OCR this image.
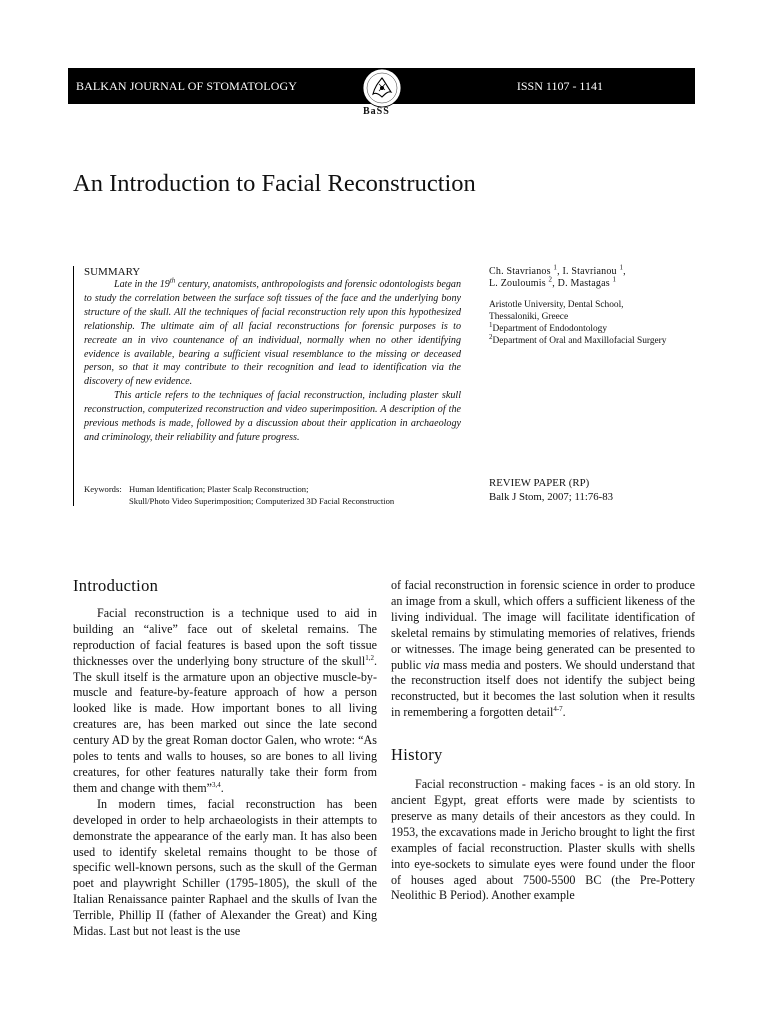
BALKAN JOURNAL OF STOMATOLOGY	ISSN 1107 - 1141
BaSS
An Introduction to Facial Reconstruction
SUMMARY

Late in the 19th century, anatomists, anthropologists and forensic odontologists began to study the correlation between the surface soft tissues of the face and the underlying bony structure of the skull. All the techniques of facial reconstruction rely upon this hypothesized relationship. The ultimate aim of all facial reconstructions for forensic purposes is to recreate an in vivo countenance of an individual, normally when no other identifying evidence is available, bearing a sufficient visual resemblance to the missing or deceased person, so that it may contribute to their recognition and lead to identification via the discovery of new evidence.

This article refers to the techniques of facial reconstruction, including plaster skull reconstruction, computerized reconstruction and video superimposition. A description of the previous methods is made, followed by a discussion about their application in archaeology and criminology, their reliability and future progress.

Keywords: Human Identification; Plaster Scalp Reconstruction;
Skull/Photo Video Superimposition; Computerized 3D Facial Reconstruction
Ch. Stavrianos $^1$, I. Stavrianou $^1$,
L. Zouloumis $^2$, D. Mastagas $^1$
Aristotle University, Dental School,
Thessaloniki, Greece
$^1$Department of Endodontology
$^2$Department of Oral and Maxillofacial Surgery
REVIEW PAPER (RP)
Balk J Stom, 2007; 11:76-83
Introduction

Facial reconstruction is a technique used to aid in building an “alive” face out of skeletal remains. The reproduction of facial features is based upon the soft tissue thicknesses over the underlying bony structure of the skull$^{1,2}$. The skull itself is the armature upon an objective muscle-by-muscle and feature-by-feature approach of how a person looked like is made. How important bones to all living creatures are, has been marked out since the late second century AD by the great Roman doctor Galen, who wrote: “As poles to tents and walls to houses, so are bones to all living creatures, for other features naturally take their form from them and change with them”$^{3,4}$.

In modern times, facial reconstruction has been developed in order to help archaeologists in their attempts to demonstrate the appearance of the early man. It has also been used to identify skeletal remains thought to be those of specific well-known persons, such as the skull of the German poet and playwright Schiller (1795-1805), the skull of the Italian Renaissance painter Raphael and the skulls of Ivan the Terrible, Phillip II (father of Alexander the Great) and King Midas. Last but not least is the use

of facial reconstruction in forensic science in order to produce an image from a skull, which offers a sufficient likeness of the living individual. The image will facilitate identification of skeletal remains by stimulating memories of relatives, friends or witnesses. The image being generated can be presented to public via mass media and posters. We should understand that the reconstruction itself does not identify the subject being reconstructed, but it becomes the last solution when it results in remembering a forgotten detail$^{4-7}$.

History

Facial reconstruction - making faces - is an old story. In ancient Egypt, great efforts were made by scientists to preserve as many details of their ancestors as they could. In 1953, the excavations made in Jericho brought to light the first examples of facial reconstruction. Plaster skulls with shells into eye-sockets to simulate eyes were found under the floor of houses aged about 7500-5500 BC (the Pre-Pottery Neolithic B Period). Another example
